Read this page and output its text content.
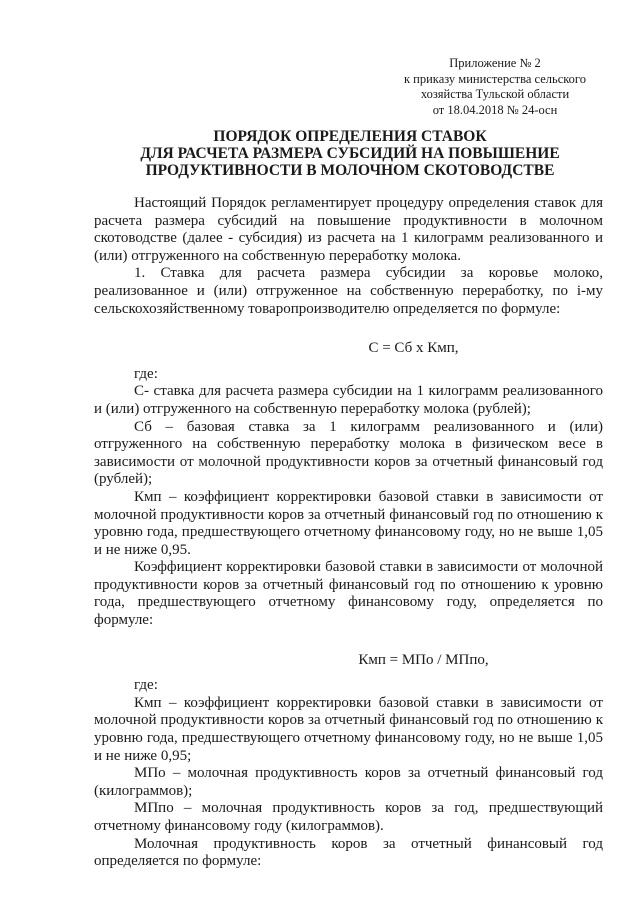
Приложение № 2
к приказу министерства сельского
хозяйства Тульской области
от 18.04.2018 № 24-осн
ПОРЯДОК ОПРЕДЕЛЕНИЯ СТАВОК
ДЛЯ РАСЧЕТА РАЗМЕРА СУБСИДИЙ НА ПОВЫШЕНИЕ
ПРОДУКТИВНОСТИ В МОЛОЧНОМ СКОТОВОДСТВЕ

Настоящий Порядок регламентирует процедуру определения ставок для расчета размера субсидий на повышение продуктивности в молочном скотоводстве (далее - субсидия) из расчета на 1 килограмм реализованного и (или) отгруженного на собственную переработку молока.

1. Ставка для расчета размера субсидии за коровье молоко, реализованное и (или) отгруженное на собственную переработку, по i-му сельскохозяйственному товаропроизводителю определяется по формуле:

С = Сб х Кмп,
где:

С- ставка для расчета размера субсидии на 1 килограмм реализованного и (или) отгруженного на собственную переработку молока (рублей);

Сб – базовая ставка за 1 килограмм реализованного и (или) отгруженного на собственную переработку молока в физическом весе в зависимости от молочной продуктивности коров за отчетный финансовый год (рублей);

Кмп – коэффициент корректировки базовой ставки в зависимости от молочной продуктивности коров за отчетный финансовый год по отношению к уровню года, предшествующего отчетному финансовому году, но не выше 1,05 и не ниже 0,95.

Коэффициент корректировки базовой ставки в зависимости от молочной продуктивности коров за отчетный финансовый год по отношению к уровню года, предшествующего отчетному финансовому году, определяется по формуле:

Кмп = МПо / МПпо,
где:

Кмп – коэффициент корректировки базовой ставки в зависимости от молочной продуктивности коров за отчетный финансовый год по отношению к уровню года, предшествующего отчетному финансовому году, но не выше 1,05 и не ниже 0,95;

МПо – молочная продуктивность коров за отчетный финансовый год (килограммов);

МПпо – молочная продуктивность коров за год, предшествующий отчетному финансовому году (килограммов).

Молочная продуктивность коров за отчетный финансовый год определяется по формуле:
